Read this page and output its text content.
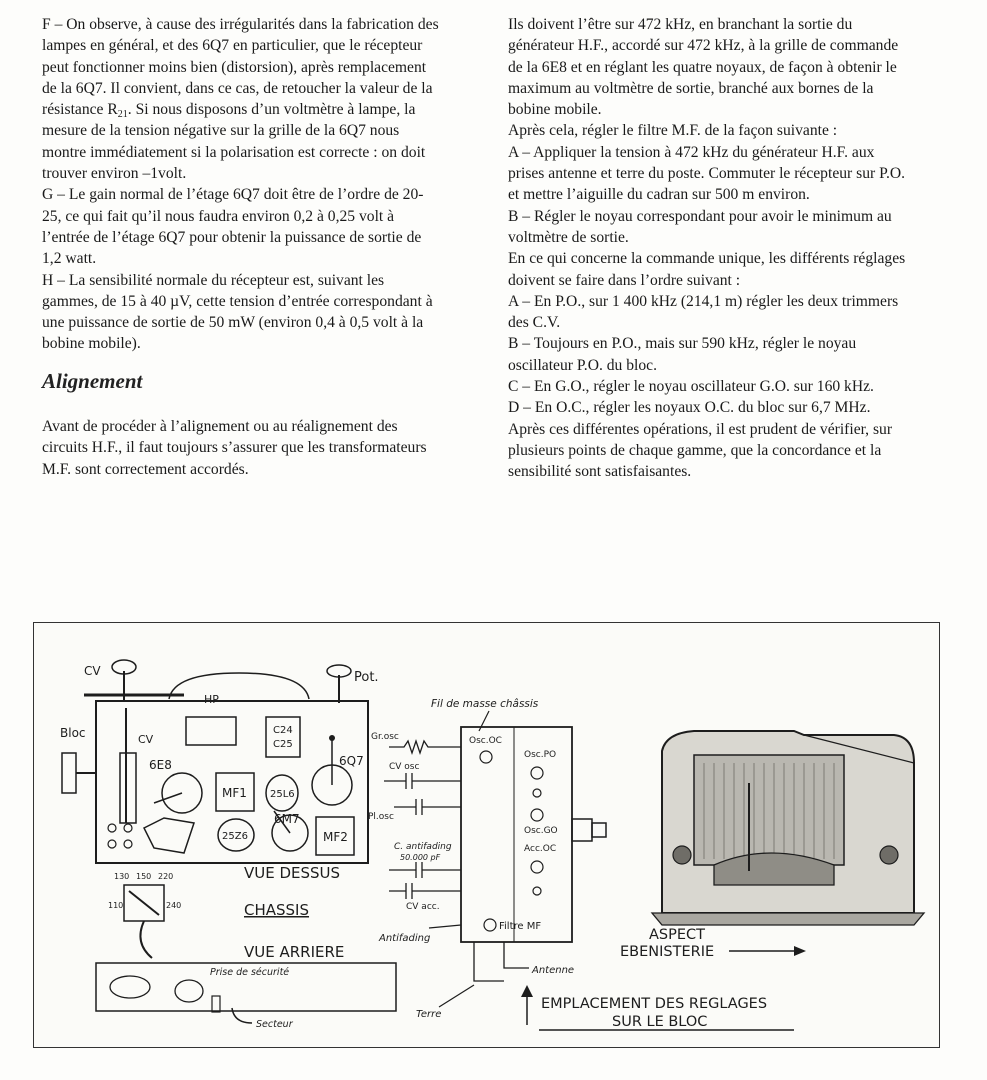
F – On observe, à cause des irrégularités dans la fabrication des lampes en général, et des 6Q7 en particulier, que le récepteur peut fonctionner moins bien (distorsion), après remplacement de la 6Q7. Il convient, dans ce cas, de retoucher la valeur de la résistance $R_{21}$. Si nous disposons d’un voltmètre à lampe, la mesure de la tension négative sur la grille de la 6Q7 nous montre immédiatement si la polarisation est correcte : on doit trouver environ –1volt.

G – Le gain normal de l’étage 6Q7 doit être de l’ordre de 20-25, ce qui fait qu’il nous faudra environ 0,2 à 0,25 volt à l’entrée de l’étage 6Q7 pour obtenir la puissance de sortie de 1,2 watt.

H – La sensibilité normale du récepteur est, suivant les gammes, de 15 à 40 µV, cette tension d’entrée correspondant à une puissance de sortie de 50 mW (environ 0,4 à 0,5 volt à la bobine mobile).

Alignement

Avant de procéder à l’alignement ou au réalignement des circuits H.F., il faut toujours s’assurer que les transformateurs M.F. sont correctement accordés.

Ils doivent l’être sur 472 kHz, en branchant la sortie du générateur H.F., accordé sur 472 kHz, à la grille de commande de la 6E8 et en réglant les quatre noyaux, de façon à obtenir le maximum au voltmètre de sortie, branché aux bornes de la bobine mobile.

Après cela, régler le filtre M.F. de la façon suivante :

A – Appliquer la tension à 472 kHz du générateur H.F. aux prises antenne et terre du poste. Commuter le récepteur sur P.O. et mettre l’aiguille du cadran sur 500 m environ.

B – Régler le noyau correspondant pour avoir le minimum au voltmètre de sortie.

En ce qui concerne la commande unique, les différents réglages doivent se faire dans l’ordre suivant :

A – En P.O., sur 1 400 kHz (214,1 m) régler les deux trimmers des C.V.

B – Toujours en P.O., mais sur 590 kHz, régler le noyau oscillateur P.O. du bloc.

C – En G.O., régler le noyau oscillateur G.O. sur 160 kHz.

D – En O.C., régler les noyaux O.C. du bloc sur 6,7 MHz.

Après ces différentes opérations, il est prudent de vérifier, sur plusieurs points de chaque gamme, que la concordance et la sensibilité sont satisfaisantes.

CV	Pot.
HP
Bloc	CV
6E8
MF1
C24
C25
25L6
6Q7
6M7
25Z6	MF2
130 150 220
110	240
VUE DESSUS
CHASSIS
VUE ARRIERE
Prise de sécurité
Secteur
Fil de masse châssis
Osc.OC
Osc.PO
Osc.GO
Acc.OC
Filtre MF
Gr.osc
CV osc
Pl.osc
C. antifading
50.000 pF
CV acc.
Antifading
Antenne
Terre
EMPLACEMENT DES REGLAGES
SUR LE BLOC
ASPECT
EBENISTERIE
